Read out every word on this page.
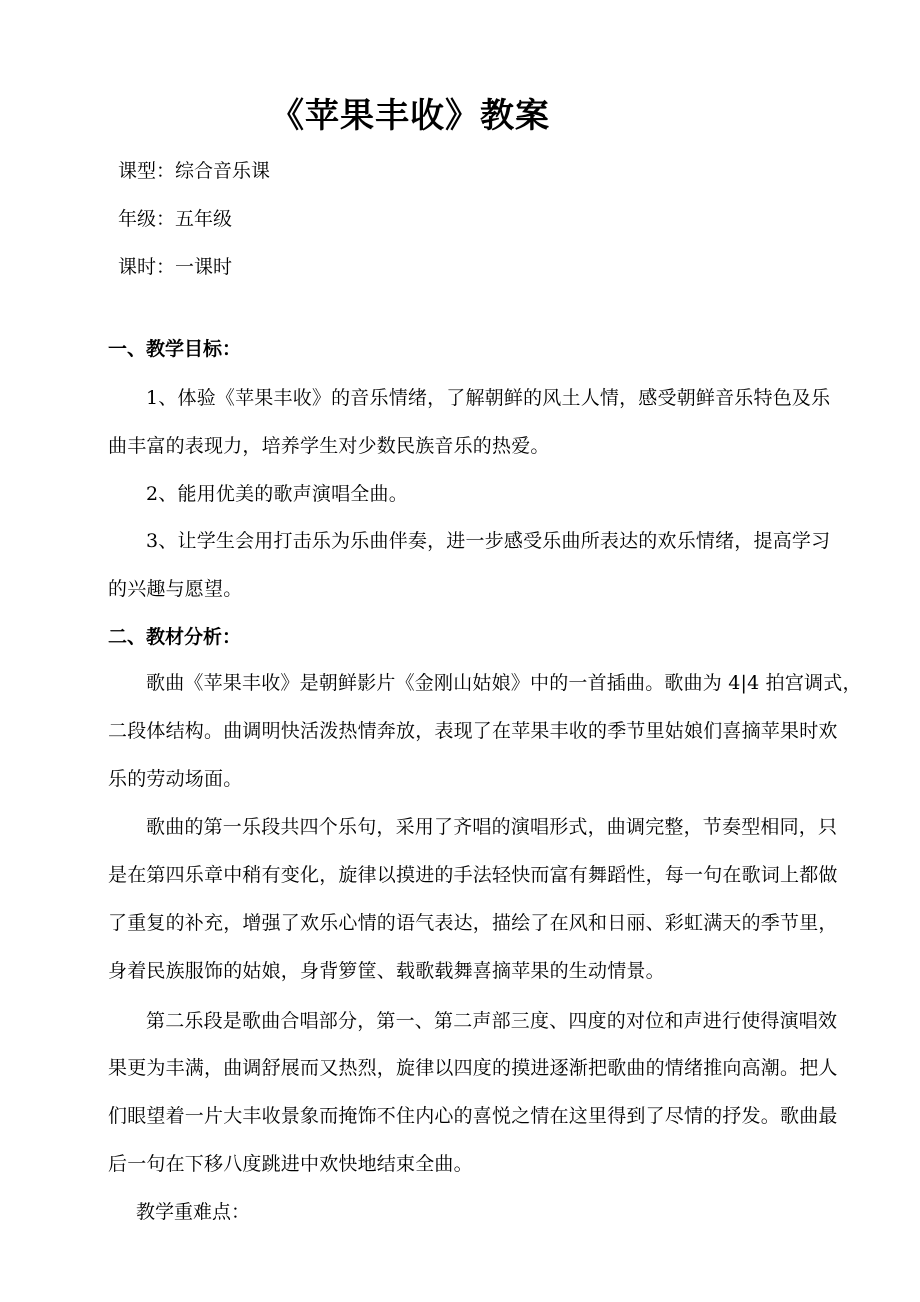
《苹果丰收》教案
课型：综合音乐课
年级：五年级
课时：一课时
一、教学目标：
1、体验《苹果丰收》的音乐情绪，了解朝鲜的风土人情，感受朝鲜音乐特色及乐
曲丰富的表现力，培养学生对少数民族音乐的热爱。
2、能用优美的歌声演唱全曲。
3、让学生会用打击乐为乐曲伴奏，进一步感受乐曲所表达的欢乐情绪，提高学习
的兴趣与愿望。
二、教材分析：
歌曲《苹果丰收》是朝鲜影片《金刚山姑娘》中的一首插曲。歌曲为 4|4 拍宫调式，
二段体结构。曲调明快活泼热情奔放，表现了在苹果丰收的季节里姑娘们喜摘苹果时欢
乐的劳动场面。
歌曲的第一乐段共四个乐句，采用了齐唱的演唱形式，曲调完整，节奏型相同，只
是在第四乐章中稍有变化，旋律以摸进的手法轻快而富有舞蹈性，每一句在歌词上都做
了重复的补充，增强了欢乐心情的语气表达，描绘了在风和日丽、彩虹满天的季节里，
身着民族服饰的姑娘，身背箩筐、载歌载舞喜摘苹果的生动情景。
第二乐段是歌曲合唱部分，第一、第二声部三度、四度的对位和声进行使得演唱效
果更为丰满，曲调舒展而又热烈，旋律以四度的摸进逐渐把歌曲的情绪推向高潮。把人
们眼望着一片大丰收景象而掩饰不住内心的喜悦之情在这里得到了尽情的抒发。歌曲最
后一句在下移八度跳进中欢快地结束全曲。
教学重难点：
